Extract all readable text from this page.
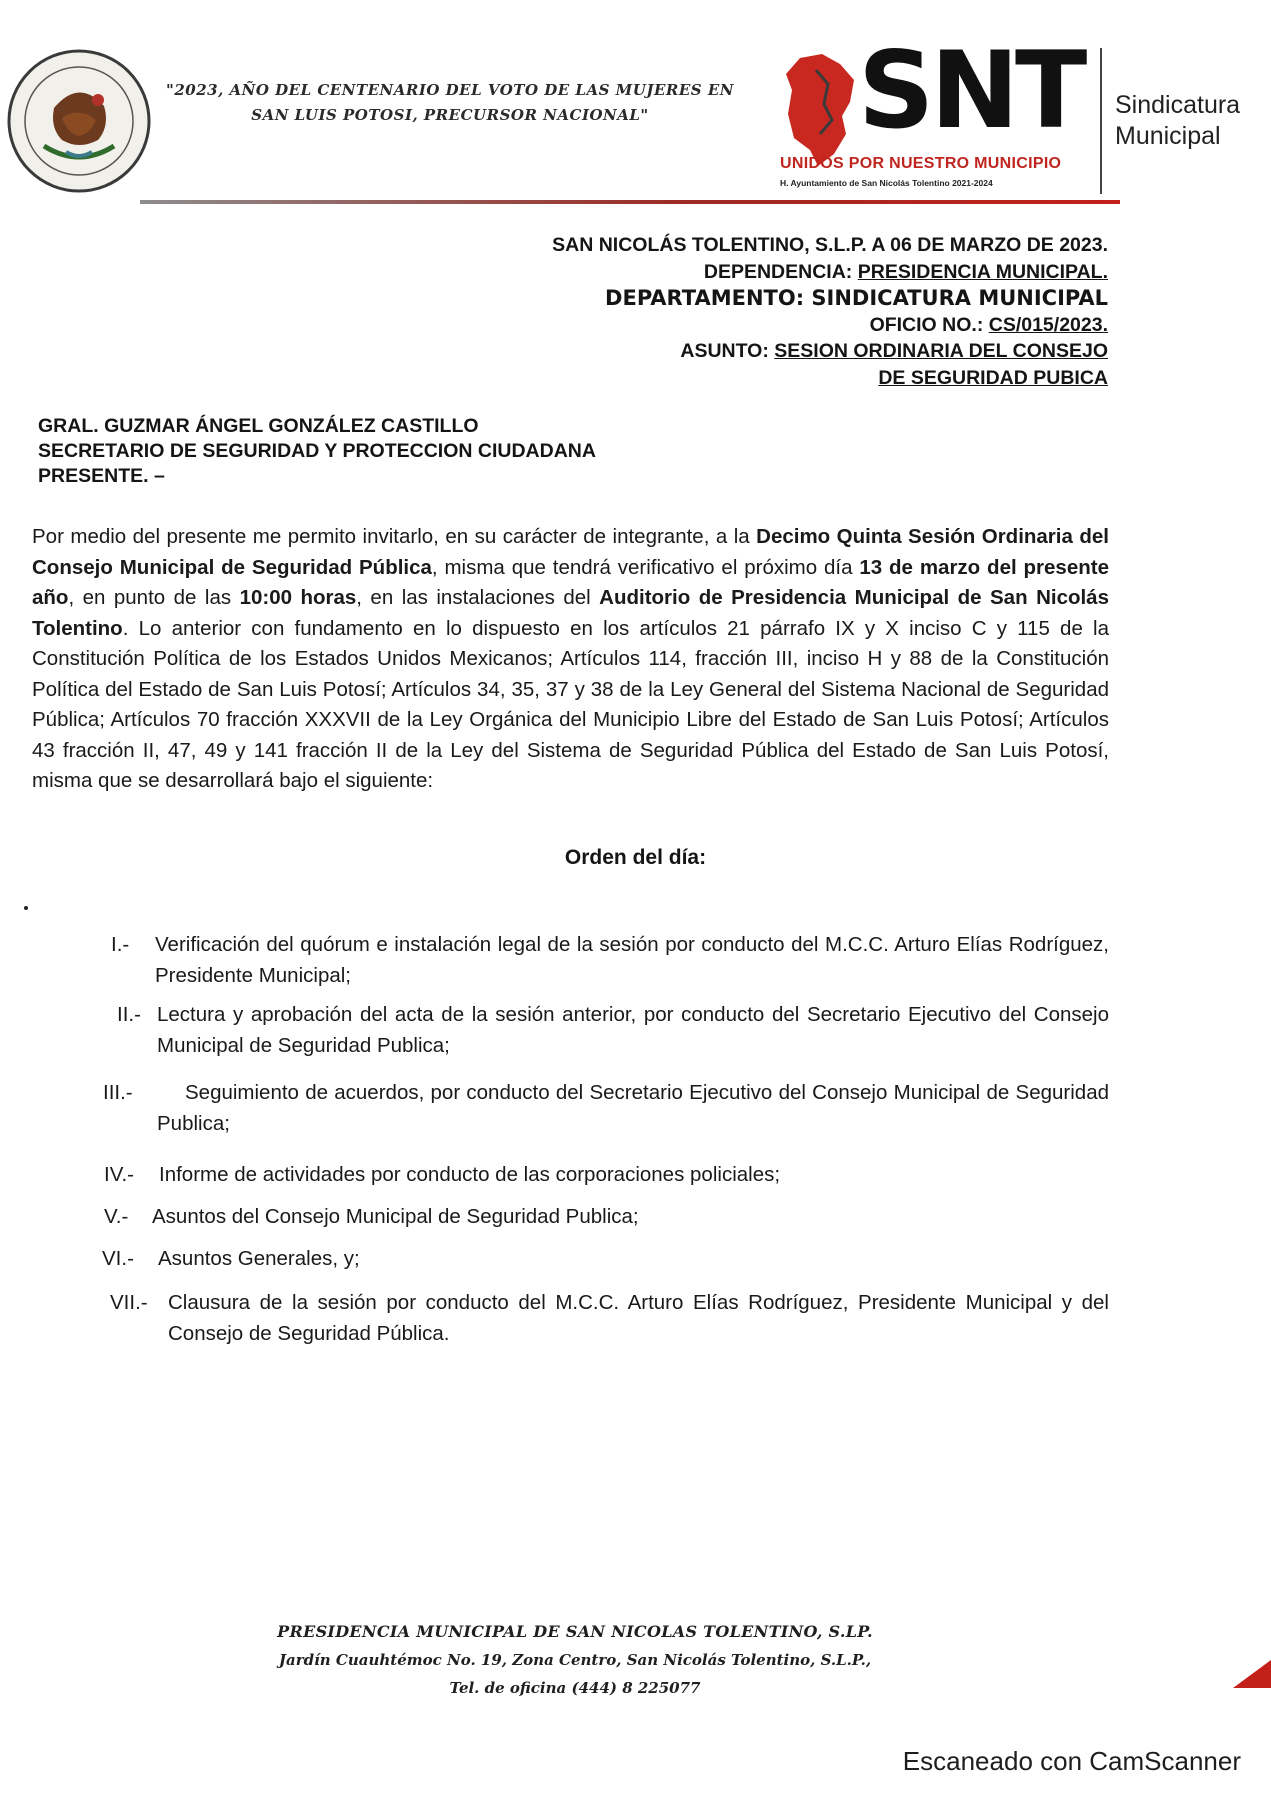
"2023, AÑO DEL CENTENARIO DEL VOTO DE LAS MUJERES EN SAN LUIS POTOSI, PRECURSOR NACIONAL"	SNT
UNIDOS POR NUESTRO MUNICIPIO
H. Ayuntamiento de San Nicolás Tolentino 2021-2024
Sindicatura
Municipal
SAN NICOLÁS TOLENTINO, S.L.P. A 06 DE MARZO DE 2023.
DEPENDENCIA: PRESIDENCIA MUNICIPAL.
DEPARTAMENTO: SINDICATURA MUNICIPAL
OFICIO NO.: CS/015/2023.
ASUNTO: SESION ORDINARIA DEL CONSEJO
DE SEGURIDAD PUBICA
GRAL. GUZMAR ÁNGEL GONZÁLEZ CASTILLO
SECRETARIO DE SEGURIDAD Y PROTECCION CIUDADANA
PRESENTE. –
Por medio del presente me permito invitarlo, en su carácter de integrante, a la Decimo Quinta Sesión Ordinaria del Consejo Municipal de Seguridad Pública, misma que tendrá verificativo el próximo día 13 de marzo del presente año, en punto de las 10:00 horas, en las instalaciones del Auditorio de Presidencia Municipal de San Nicolás Tolentino. Lo anterior con fundamento en lo dispuesto en los artículos 21 párrafo IX y X inciso C y 115 de la Constitución Política de los Estados Unidos Mexicanos; Artículos 114, fracción III, inciso H y 88 de la Constitución Política del Estado de San Luis Potosí; Artículos 34, 35, 37 y 38 de la Ley General del Sistema Nacional de Seguridad Pública; Artículos 70 fracción XXXVII de la Ley Orgánica del Municipio Libre del Estado de San Luis Potosí; Artículos 43 fracción II, 47, 49 y 141 fracción II de la Ley del Sistema de Seguridad Pública del Estado de San Luis Potosí, misma que se desarrollará bajo el siguiente:
Orden del día:
I.- Verificación del quórum e instalación legal de la sesión por conducto del M.C.C. Arturo Elías Rodríguez, Presidente Municipal;
II.- Lectura y aprobación del acta de la sesión anterior, por conducto del Secretario Ejecutivo del Consejo Municipal de Seguridad Publica;
III.-	Seguimiento de acuerdos, por conducto del Secretario Ejecutivo del Consejo Municipal de Seguridad Publica;
IV.- Informe de actividades por conducto de las corporaciones policiales;
V.- Asuntos del Consejo Municipal de Seguridad Publica;
VI.- Asuntos Generales, y;
VII.- Clausura de la sesión por conducto del M.C.C. Arturo Elías Rodríguez, Presidente Municipal y del Consejo de Seguridad Pública.
PRESIDENCIA MUNICIPAL DE SAN NICOLAS TOLENTINO, S.LP.
Jardín Cuauhtémoc No. 19, Zona Centro, San Nicolás Tolentino, S.L.P.,
Tel. de oficina (444) 8 225077
Escaneado con CamScanner
